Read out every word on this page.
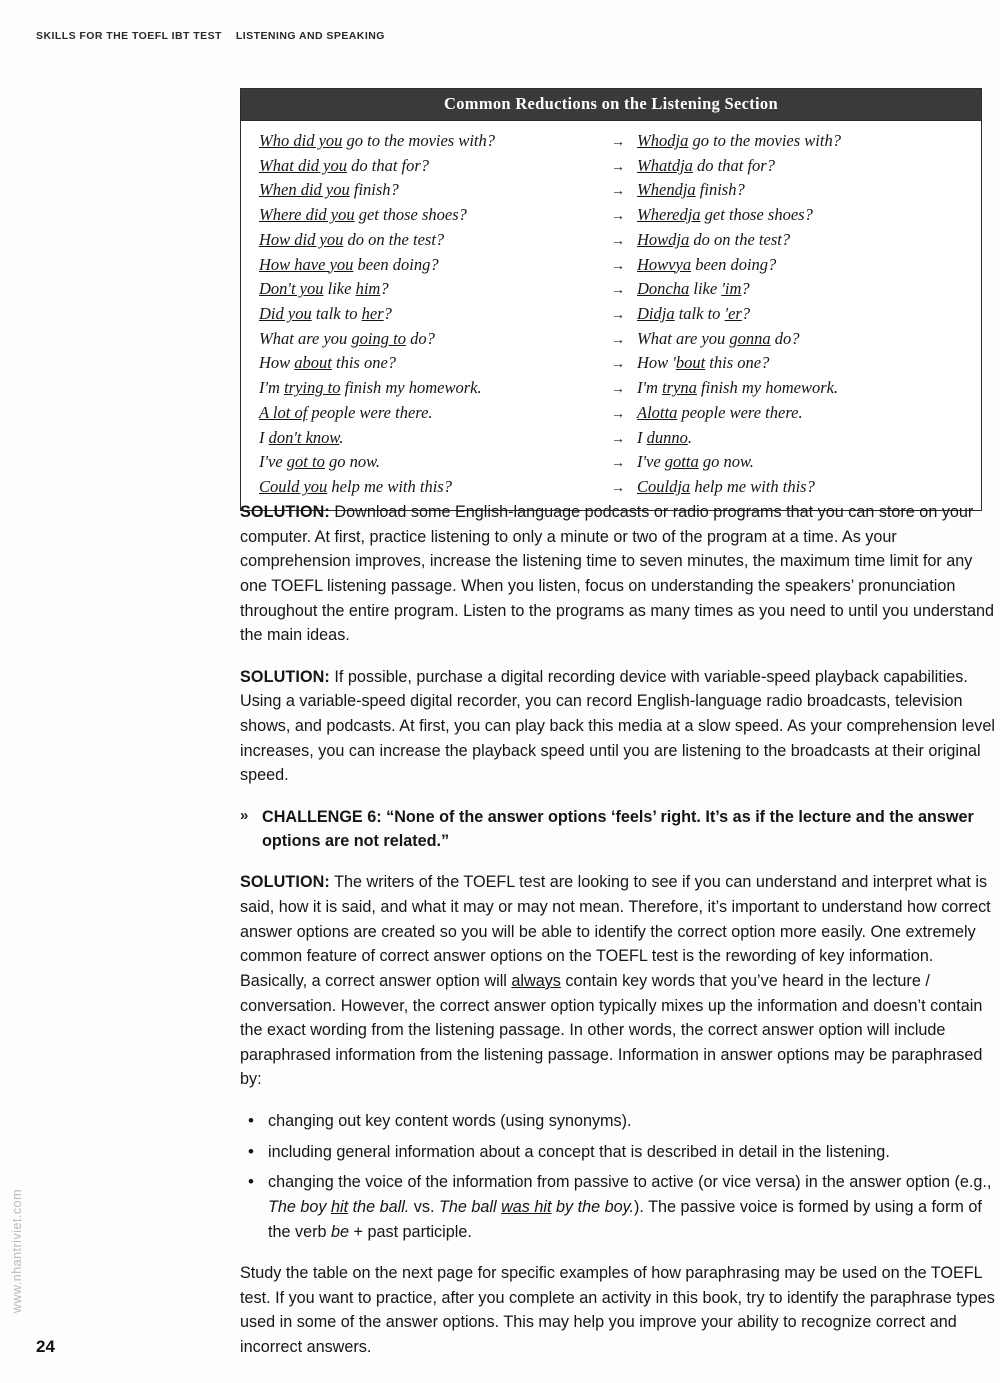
SKILLS FOR THE TOEFL IBT TEST LISTENING AND SPEAKING
www.nhantriviet.com
24
Common Reductions on the Listening Section
Who did you go to the movies with?	→ Whodja go to the movies with?
What did you do that for?	→ Whatdja do that for?
When did you finish?	→ Whendja finish?
Where did you get those shoes?	→ Wheredja get those shoes?
How did you do on the test?	→ Howdja do on the test?
How have you been doing?	→ Howvya been doing?
Don't you like him?	→ Doncha like 'im?
Did you talk to her?	→ Didja talk to 'er?
What are you going to do?	→ What are you gonna do?
How about this one?	→ How 'bout this one?
I'm trying to finish my homework.	→ I'm tryna finish my homework.
A lot of people were there.	→ Alotta people were there.
I don't know.	→ I dunno.
I've got to go now.	→ I've gotta go now.
Could you help me with this?	→ Couldja help me with this?

SOLUTION: Download some English-language podcasts or radio programs that you can store on your computer. At first, practice listening to only a minute or two of the program at a time. As your comprehension improves, increase the listening time to seven minutes, the maximum time limit for any one TOEFL listening passage. When you listen, focus on understanding the speakers’ pronunciation throughout the entire program. Listen to the programs as many times as you need to until you understand the main ideas.

SOLUTION: If possible, purchase a digital recording device with variable-speed playback capabilities. Using a variable-speed digital recorder, you can record English-language radio broadcasts, television shows, and podcasts. At first, you can play back this media at a slow speed. As your comprehension level increases, you can increase the playback speed until you are listening to the broadcasts at their original speed.

» CHALLENGE 6: “None of the answer options ‘feels’ right. It’s as if the lecture and the answer options are not related.”

SOLUTION: The writers of the TOEFL test are looking to see if you can understand and interpret what is said, how it is said, and what it may or may not mean. Therefore, it’s important to understand how correct answer options are created so you will be able to identify the correct option more easily. One extremely common feature of correct answer options on the TOEFL test is the rewording of key information. Basically, a correct answer option will always contain key words that you’ve heard in the lecture / conversation. However, the correct answer option typically mixes up the information and doesn’t contain the exact wording from the listening passage. In other words, the correct answer option will include paraphrased information from the listening passage. Information in answer options may be paraphrased by:

• changing out key content words (using synonyms).
• including general information about a concept that is described in detail in the listening.
• changing the voice of the information from passive to active (or vice versa) in the answer option (e.g., The boy hit the ball. vs. The ball was hit by the boy.). The passive voice is formed by using a form of the verb be + past participle.

Study the table on the next page for specific examples of how paraphrasing may be used on the TOEFL test. If you want to practice, after you complete an activity in this book, try to identify the paraphrase types used in some of the answer options. This may help you improve your ability to recognize correct and incorrect answers.
